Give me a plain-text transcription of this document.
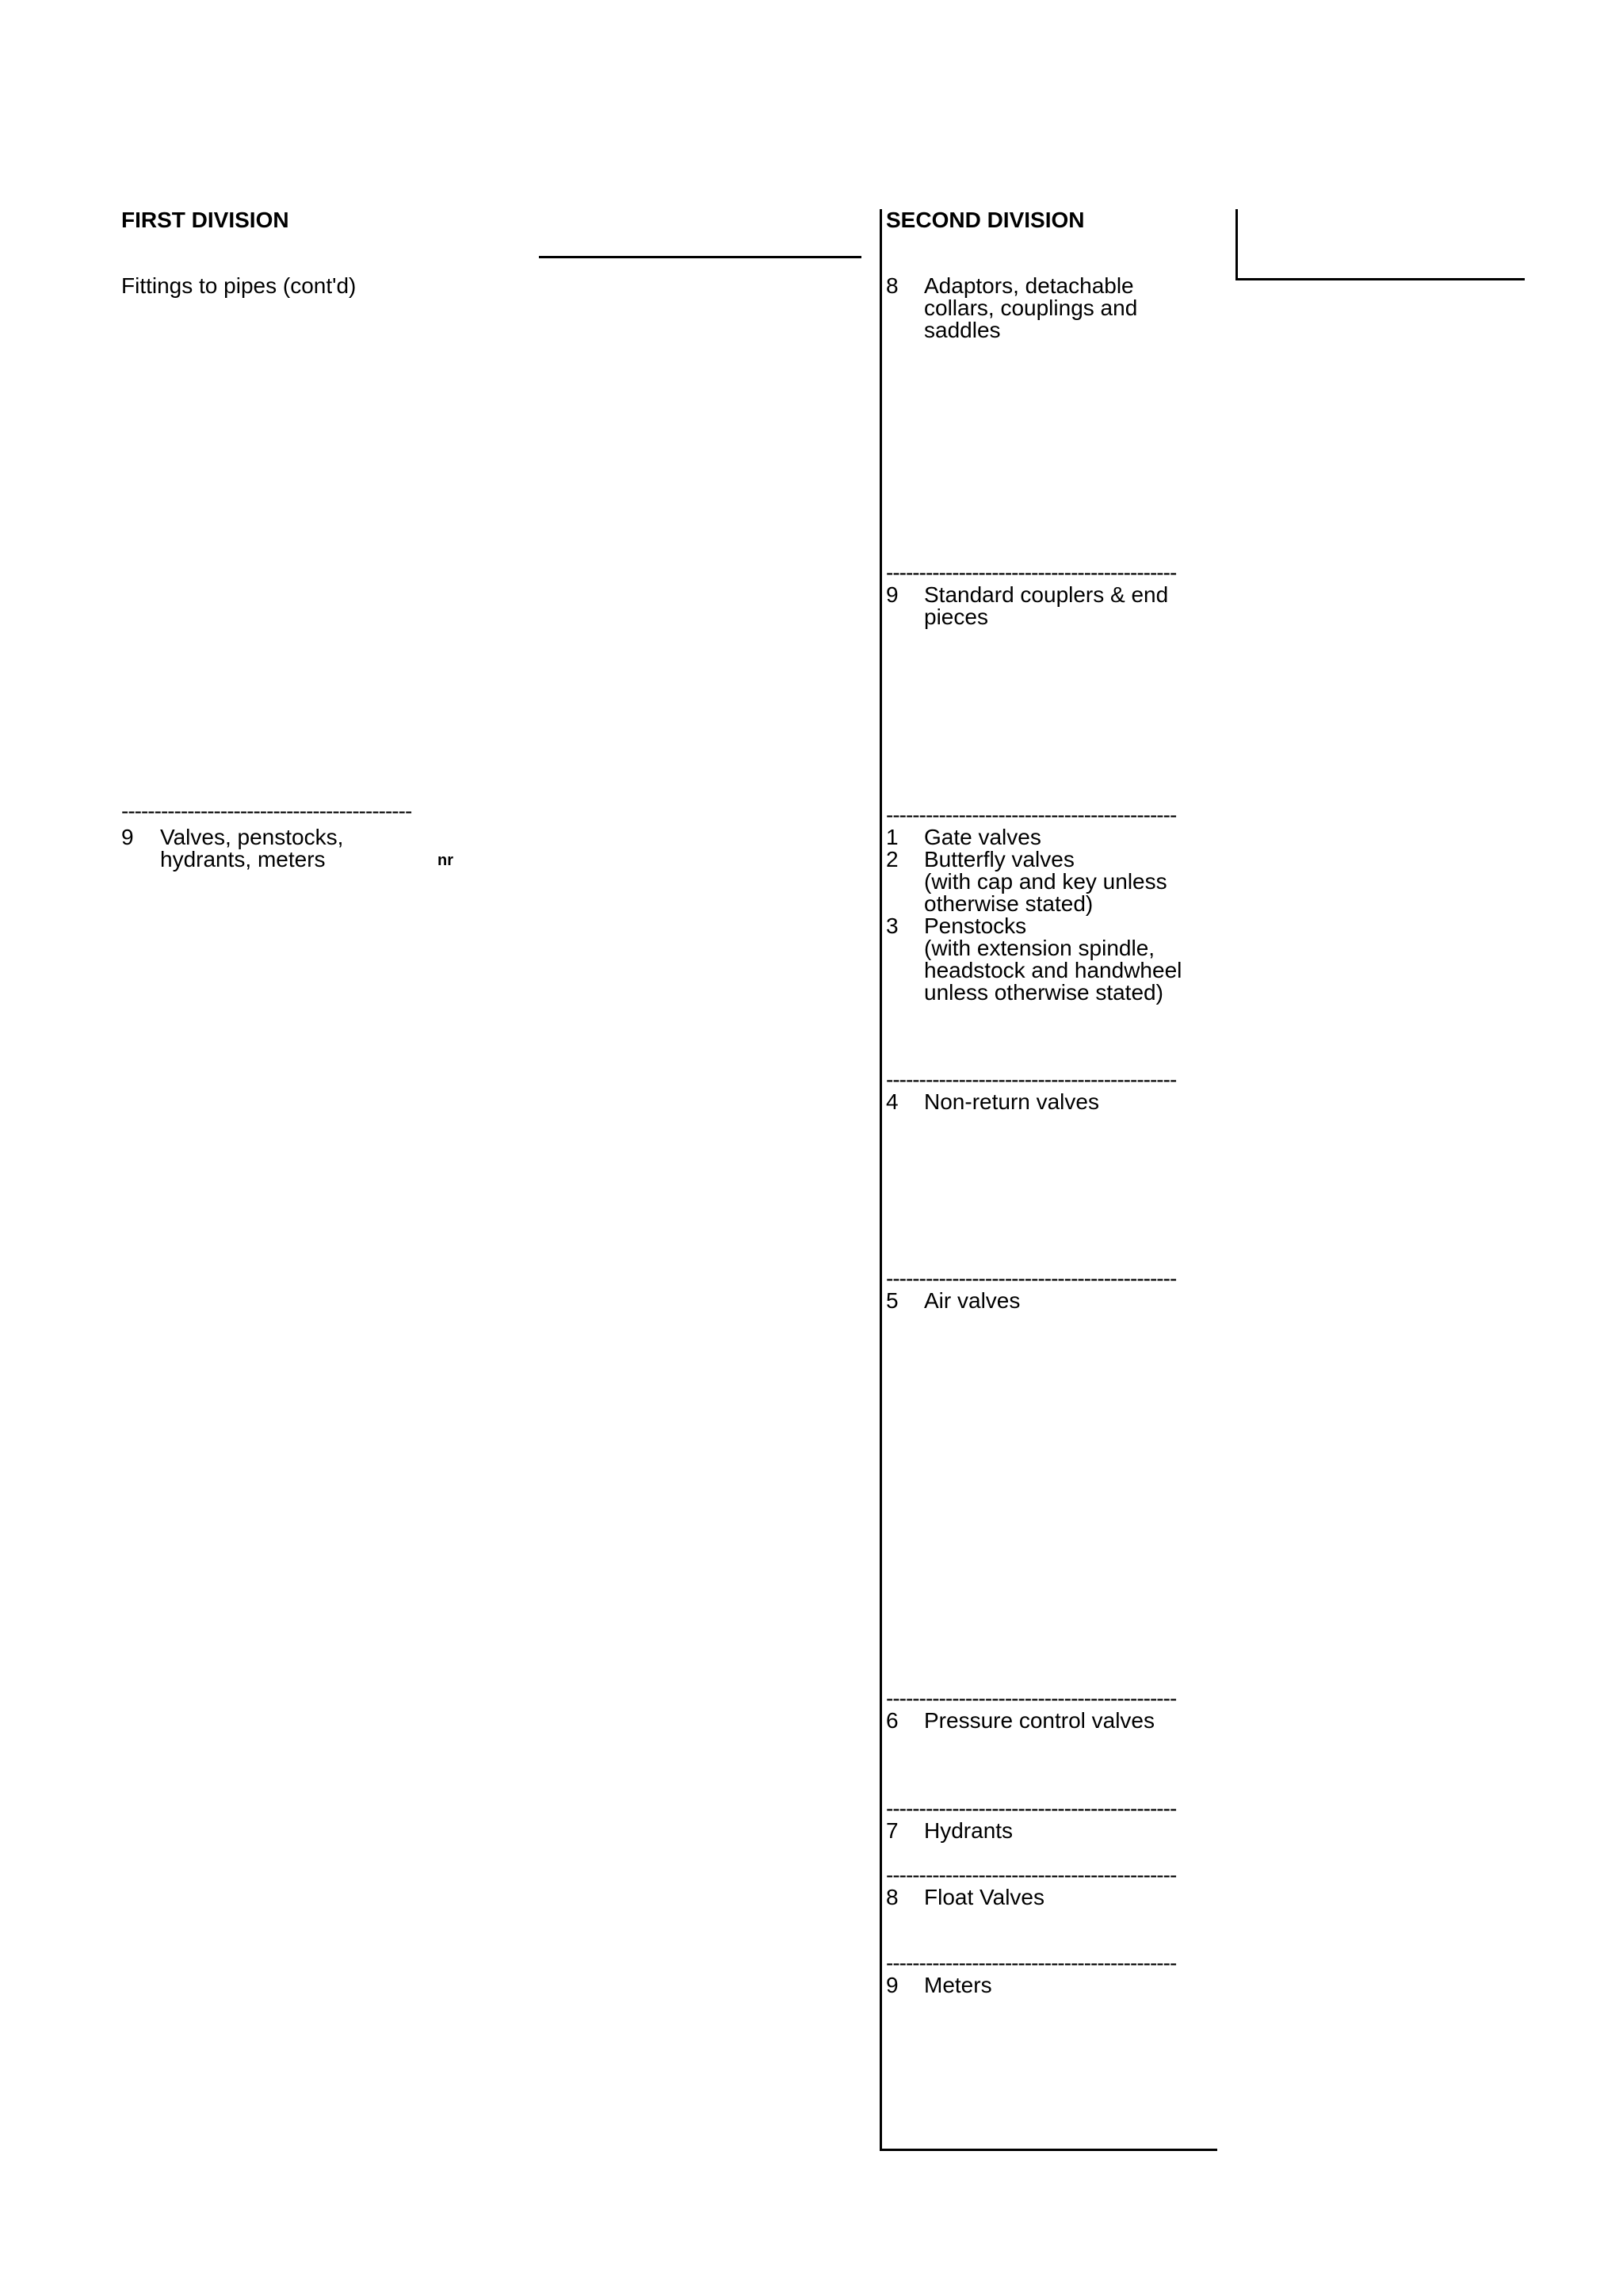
FIRST DIVISION
Fittings to pipes (cont'd)
--------------------------------------------
9	Valves, penstocks,
hydrants, meters	nr
SECOND DIVISION
8	Adaptors, detachable
collars, couplings and
saddles
--------------------------------------------
9	Standard couplers & end
pieces
--------------------------------------------
1	Gate valves
2	Butterfly valves
(with cap and key unless
otherwise stated)
3	Penstocks
(with extension spindle,
headstock and handwheel
unless otherwise stated)
--------------------------------------------
4	Non-return valves
--------------------------------------------
5	Air valves
--------------------------------------------
6	Pressure control valves
--------------------------------------------
7	Hydrants
--------------------------------------------
8	Float Valves
--------------------------------------------
9	Meters
